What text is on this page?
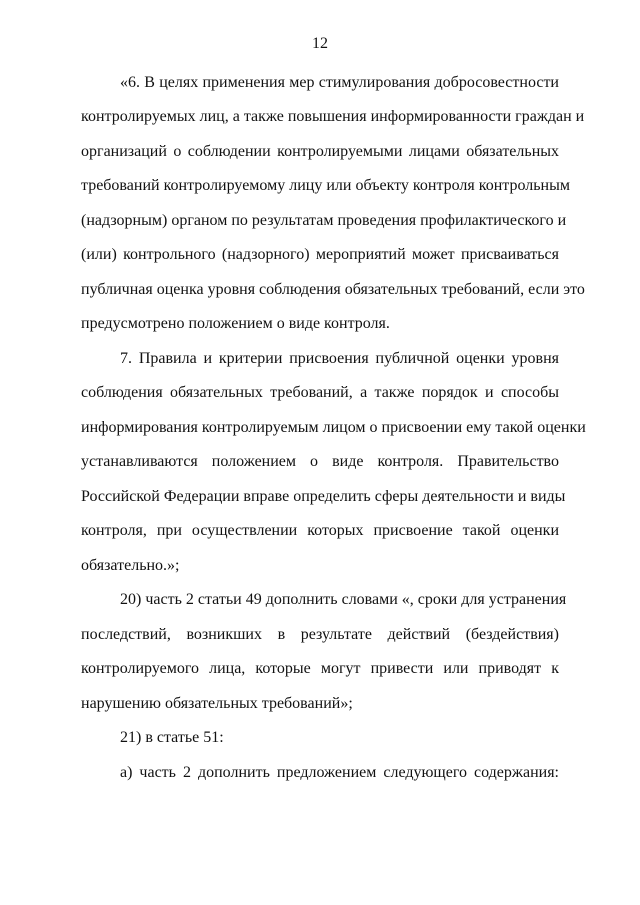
12
«6. В целях применения мер стимулирования добросовестности
контролируемых лиц, а также повышения информированности граждан и
организаций о соблюдении контролируемыми лицами обязательных
требований контролируемому лицу или объекту контроля контрольным
(надзорным) органом по результатам проведения профилактического и
(или) контрольного (надзорного) мероприятий может присваиваться
публичная оценка уровня соблюдения обязательных требований, если это
предусмотрено положением о виде контроля.
7. Правила и критерии присвоения публичной оценки уровня
соблюдения обязательных требований, а также порядок и способы
информирования контролируемым лицом о присвоении ему такой оценки
устанавливаются положением о виде контроля. Правительство
Российской Федерации вправе определить сферы деятельности и виды
контроля, при осуществлении которых присвоение такой оценки
обязательно.»;
20) часть 2 статьи 49 дополнить словами «, сроки для устранения
последствий, возникших в результате действий (бездействия)
контролируемого лица, которые могут привести или приводят к
нарушению обязательных требований»;
21) в статье 51:
а) часть 2 дополнить предложением следующего содержания:
